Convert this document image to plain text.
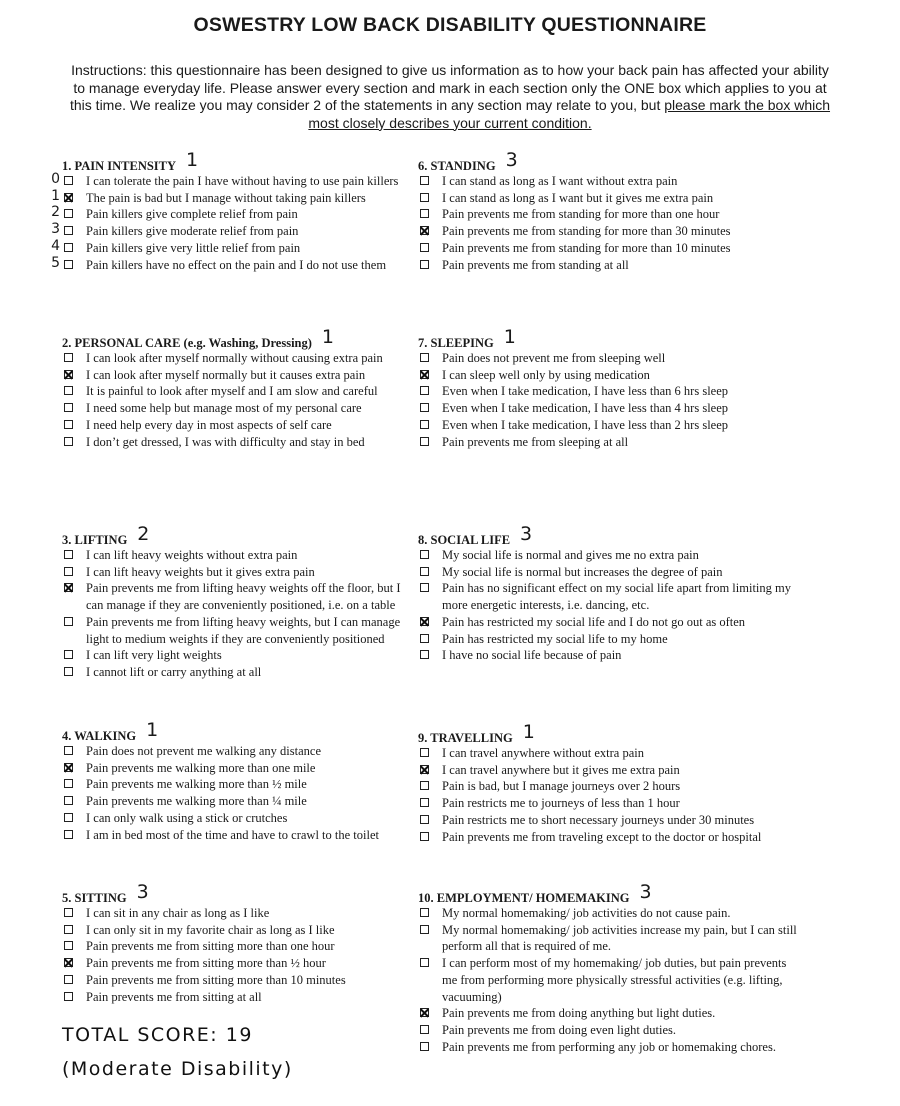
OSWESTRY LOW BACK DISABILITY QUESTIONNAIRE
Instructions: this questionnaire has been designed to give us information as to how your back pain has affected your ability to manage everyday life. Please answer every section and mark in each section only the ONE box which applies to you at this time. We realize you may consider 2 of the statements in any section may relate to you, but please mark the box which most closely describes your current condition.
1. PAIN INTENSITY 1
0 I can tolerate the pain I have without having to use pain killers
1 The pain is bad but I manage without taking pain killers
2 Pain killers give complete relief from pain
3 Pain killers give moderate relief from pain
4 Pain killers give very little relief from pain
5 Pain killers have no effect on the pain and I do not use them
2. PERSONAL CARE (e.g. Washing, Dressing) 1
I can look after myself normally without causing extra pain
I can look after myself normally but it causes extra pain
It is painful to look after myself and I am slow and careful
I need some help but manage most of my personal care
I need help every day in most aspects of self care
I don’t get dressed, I was with difficulty and stay in bed
3. LIFTING 2
I can lift heavy weights without extra pain
I can lift heavy weights but it gives extra pain
Pain prevents me from lifting heavy weights off the floor, but I can manage if they are conveniently positioned, i.e. on a table
Pain prevents me from lifting heavy weights, but I can manage light to medium weights if they are conveniently positioned
I can lift very light weights
I cannot lift or carry anything at all
4. WALKING 1
Pain does not prevent me walking any distance
Pain prevents me walking more than one mile
Pain prevents me walking more than ½ mile
Pain prevents me walking more than ¼ mile
I can only walk using a stick or crutches
I am in bed most of the time and have to crawl to the toilet
5. SITTING 3
I can sit in any chair as long as I like
I can only sit in my favorite chair as long as I like
Pain prevents me from sitting more than one hour
Pain prevents me from sitting more than ½ hour
Pain prevents me from sitting more than 10 minutes
Pain prevents me from sitting at all
6. STANDING 3
I can stand as long as I want without extra pain
I can stand as long as I want but it gives me extra pain
Pain prevents me from standing for more than one hour
Pain prevents me from standing for more than 30 minutes
Pain prevents me from standing for more than 10 minutes
Pain prevents me from standing at all
7. SLEEPING 1
Pain does not prevent me from sleeping well
I can sleep well only by using medication
Even when I take medication, I have less than 6 hrs sleep
Even when I take medication, I have less than 4 hrs sleep
Even when I take medication, I have less than 2 hrs sleep
Pain prevents me from sleeping at all
8. SOCIAL LIFE 3
My social life is normal and gives me no extra pain
My social life is normal but increases the degree of pain
Pain has no significant effect on my social life apart from limiting my more energetic interests, i.e. dancing, etc.
Pain has restricted my social life and I do not go out as often
Pain has restricted my social life to my home
I have no social life because of pain
9. TRAVELLING 1
I can travel anywhere without extra pain
I can travel anywhere but it gives me extra pain
Pain is bad, but I manage journeys over 2 hours
Pain restricts me to journeys of less than 1 hour
Pain restricts me to short necessary journeys under 30 minutes
Pain prevents me from traveling except to the doctor or hospital
10. EMPLOYMENT/ HOMEMAKING 3
My normal homemaking/ job activities do not cause pain.
My normal homemaking/ job activities increase my pain, but I can still perform all that is required of me.
I can perform most of my homemaking/ job duties, but pain prevents me from performing more physically stressful activities (e.g. lifting, vacuuming)
Pain prevents me from doing anything but light duties.
Pain prevents me from doing even light duties.
Pain prevents me from performing any job or homemaking chores.
TOTAL SCORE: 19
(Moderate Disability)
